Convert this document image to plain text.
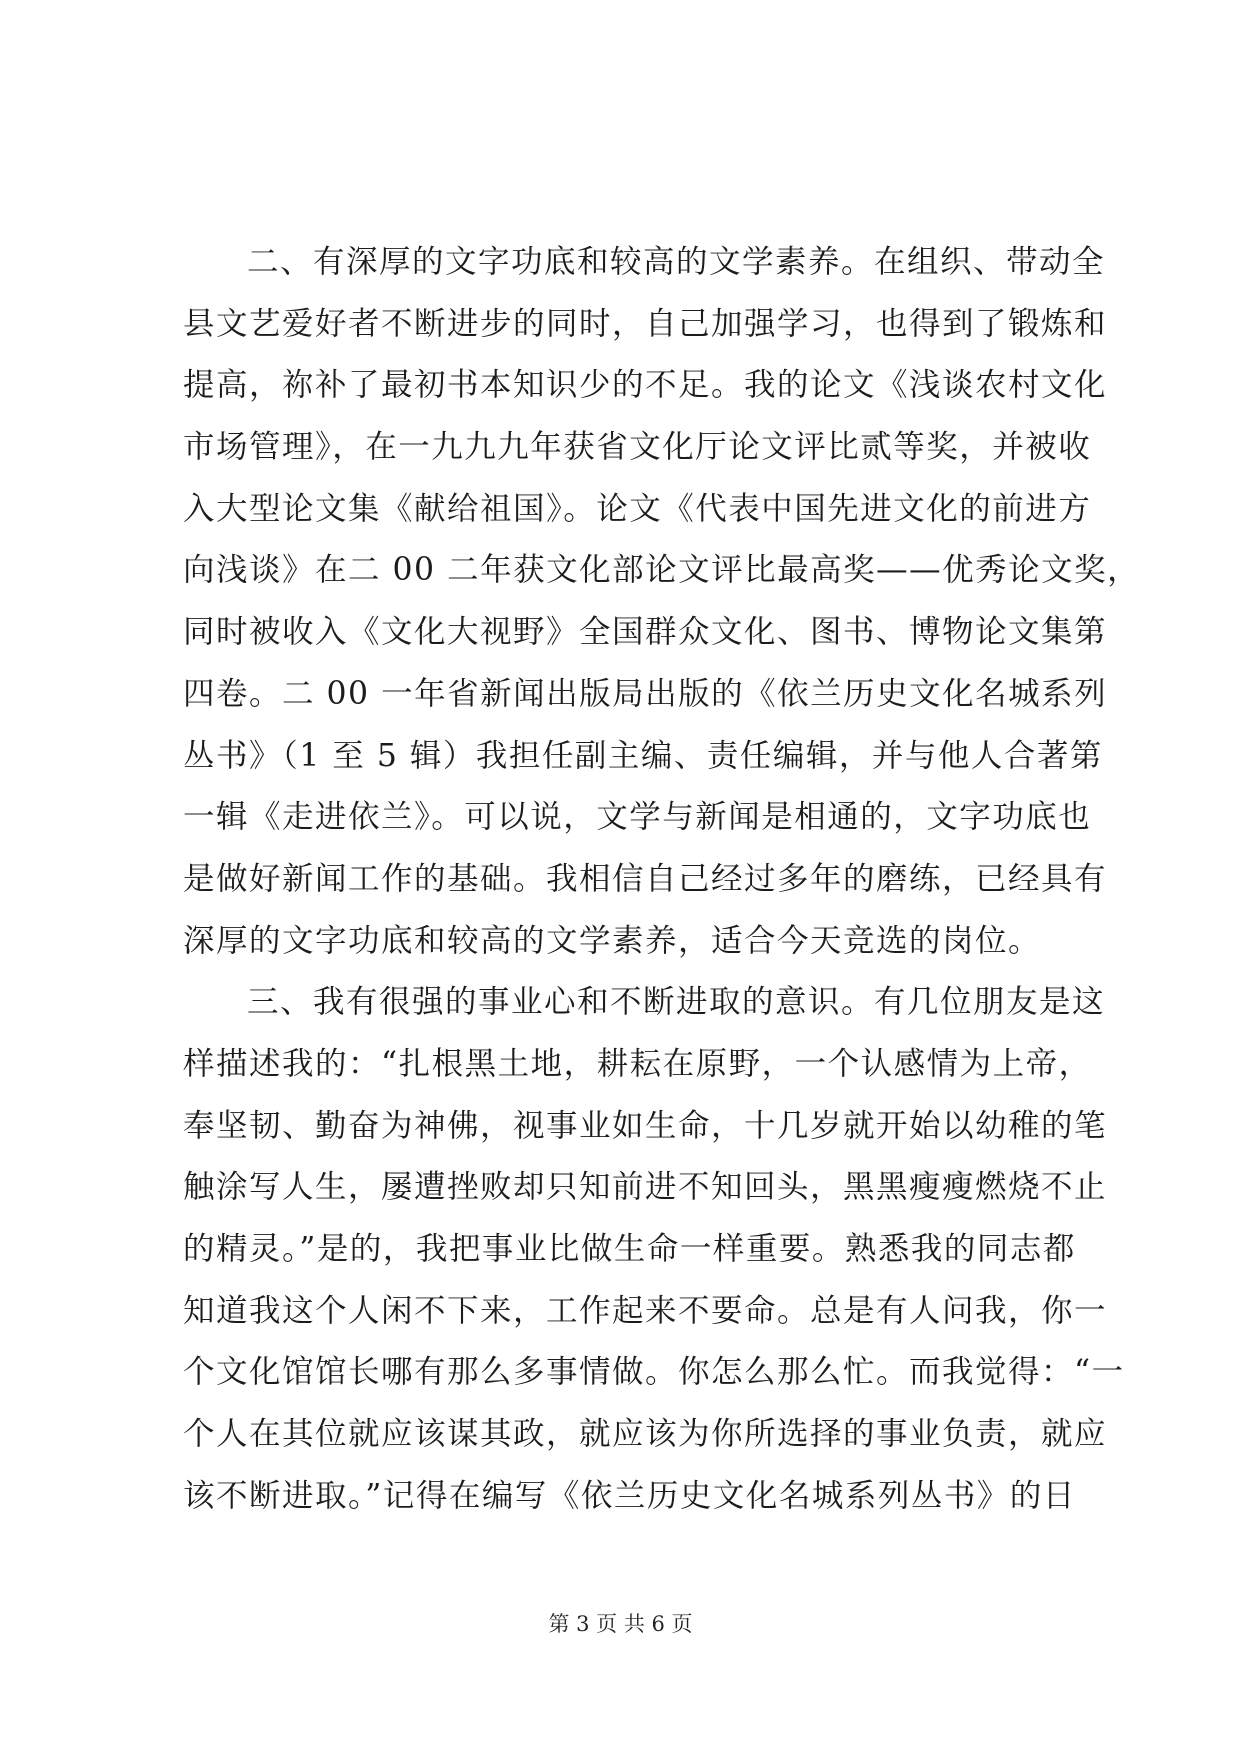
二、有深厚的文字功底和较高的文学素养。在组织、带动全

县文艺爱好者不断进步的同时，自己加强学习，也得到了锻炼和

提高，祢补了最初书本知识少的不足。我的论文《浅谈农村文化

市场管理》，在一九九九年获省文化厅论文评比贰等奖，并被收

入大型论文集《献给祖国》。论文《代表中国先进文化的前进方

向浅谈》在二 00 二年获文化部论文评比最高奖——优秀论文奖，

同时被收入《文化大视野》全国群众文化、图书、博物论文集第

四卷。二 00 一年省新闻出版局出版的《依兰历史文化名城系列

丛书》（1 至 5 辑）我担任副主编、责任编辑，并与他人合著第

一辑《走进依兰》。可以说，文学与新闻是相通的，文字功底也

是做好新闻工作的基础。我相信自己经过多年的磨练，已经具有

深厚的文字功底和较高的文学素养，适合今天竞选的岗位。

三、我有很强的事业心和不断进取的意识。有几位朋友是这

样描述我的：“扎根黑土地，耕耘在原野，一个认感情为上帝，

奉坚韧、勤奋为神佛，视事业如生命，十几岁就开始以幼稚的笔

触涂写人生，屡遭挫败却只知前进不知回头，黑黑瘦瘦燃烧不止

的精灵。”是的，我把事业比做生命一样重要。熟悉我的同志都

知道我这个人闲不下来，工作起来不要命。总是有人问我，你一

个文化馆馆长哪有那么多事情做。你怎么那么忙。而我觉得：“一

个人在其位就应该谋其政，就应该为你所选择的事业负责，就应

该不断进取。”记得在编写《依兰历史文化名城系列丛书》的日

第 3 页 共 6 页
